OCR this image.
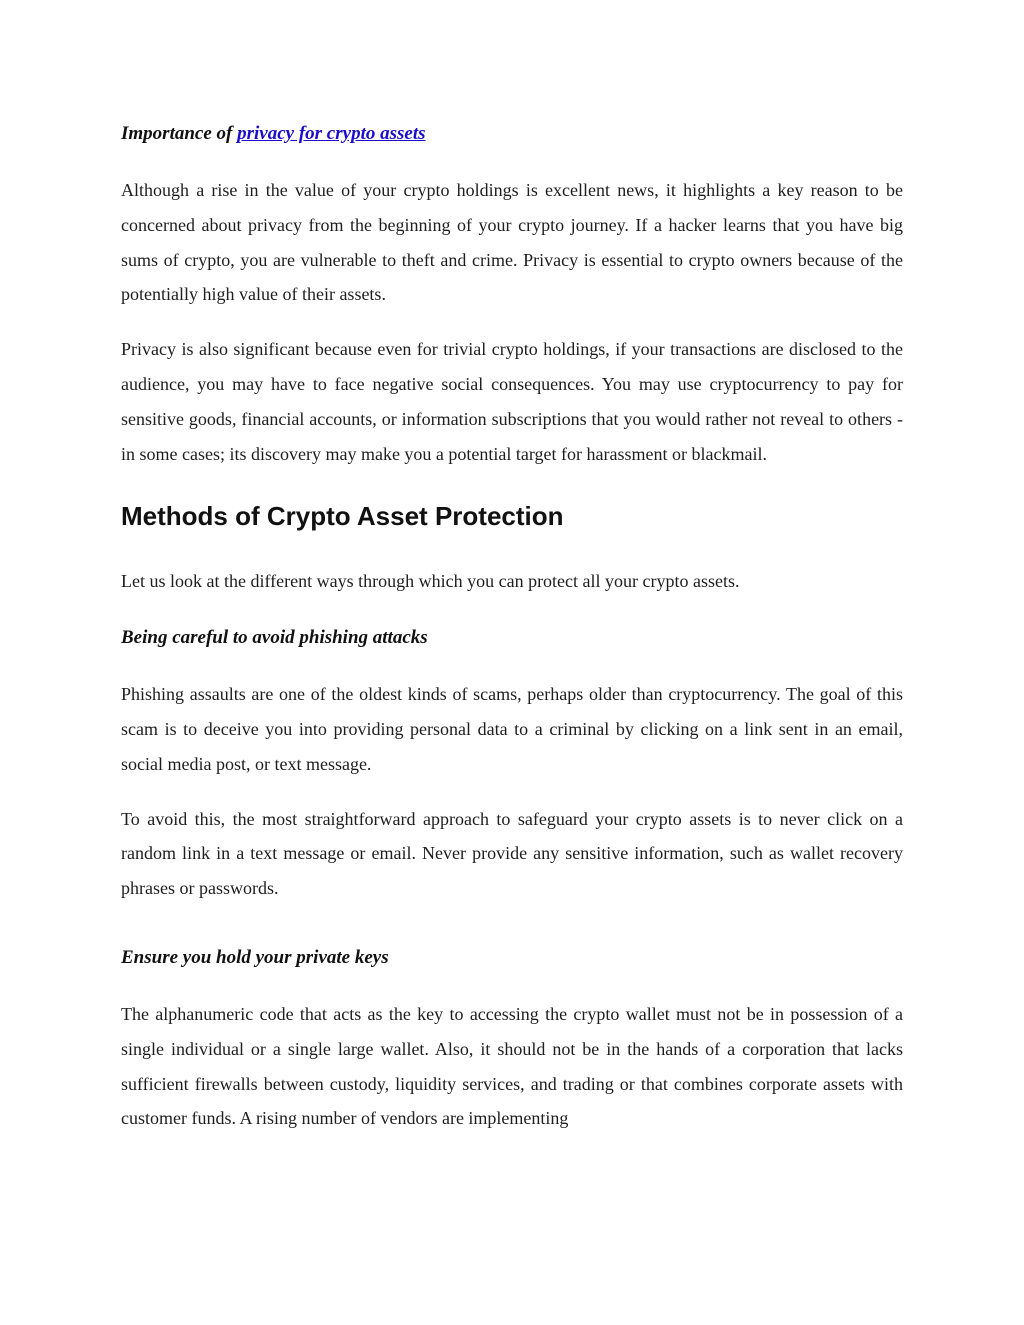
Importance of privacy for crypto assets

Although a rise in the value of your crypto holdings is excellent news, it highlights a key reason to be concerned about privacy from the beginning of your crypto journey. If a hacker learns that you have big sums of crypto, you are vulnerable to theft and crime. Privacy is essential to crypto owners because of the potentially high value of their assets.

Privacy is also significant because even for trivial crypto holdings, if your transactions are disclosed to the audience, you may have to face negative social consequences. You may use cryptocurrency to pay for sensitive goods, financial accounts, or information subscriptions that you would rather not reveal to others - in some cases; its discovery may make you a potential target for harassment or blackmail.

Methods of Crypto Asset Protection

Let us look at the different ways through which you can protect all your crypto assets.

Being careful to avoid phishing attacks

Phishing assaults are one of the oldest kinds of scams, perhaps older than cryptocurrency. The goal of this scam is to deceive you into providing personal data to a criminal by clicking on a link sent in an email, social media post, or text message.

To avoid this, the most straightforward approach to safeguard your crypto assets is to never click on a random link in a text message or email. Never provide any sensitive information, such as wallet recovery phrases or passwords.

Ensure you hold your private keys

The alphanumeric code that acts as the key to accessing the crypto wallet must not be in possession of a single individual or a single large wallet. Also, it should not be in the hands of a corporation that lacks sufficient firewalls between custody, liquidity services, and trading or that combines corporate assets with customer funds. A rising number of vendors are implementing
